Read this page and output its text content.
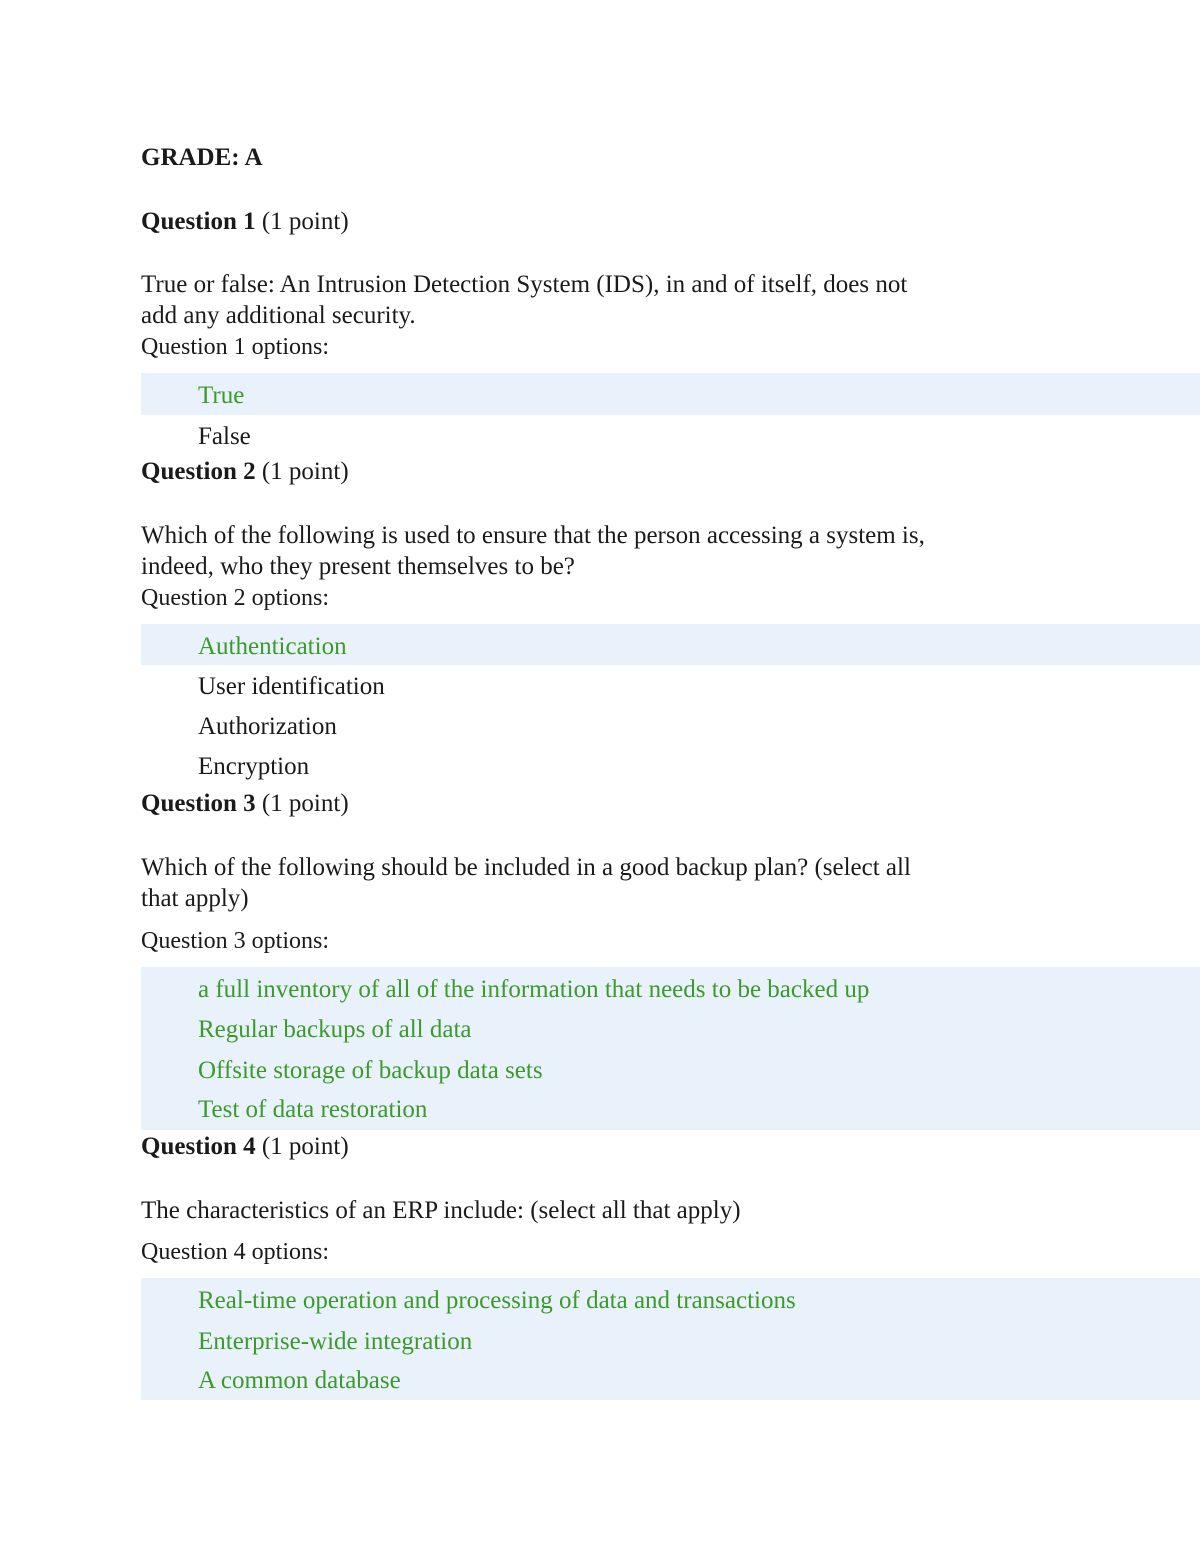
GRADE: A
Question 1 (1 point)
True or false: An Intrusion Detection System (IDS), in and of itself, does not
add any additional security.
Question 1 options:
True
False
Question 2 (1 point)
Which of the following is used to ensure that the person accessing a system is,
indeed, who they present themselves to be?
Question 2 options:
Authentication
User identification
Authorization
Encryption
Question 3 (1 point)
Which of the following should be included in a good backup plan? (select all
that apply)
Question 3 options:
a full inventory of all of the information that needs to be backed up
Regular backups of all data
Offsite storage of backup data sets
Test of data restoration
Question 4 (1 point)
The characteristics of an ERP include: (select all that apply)
Question 4 options:
Real-time operation and processing of data and transactions
Enterprise-wide integration
A common database
